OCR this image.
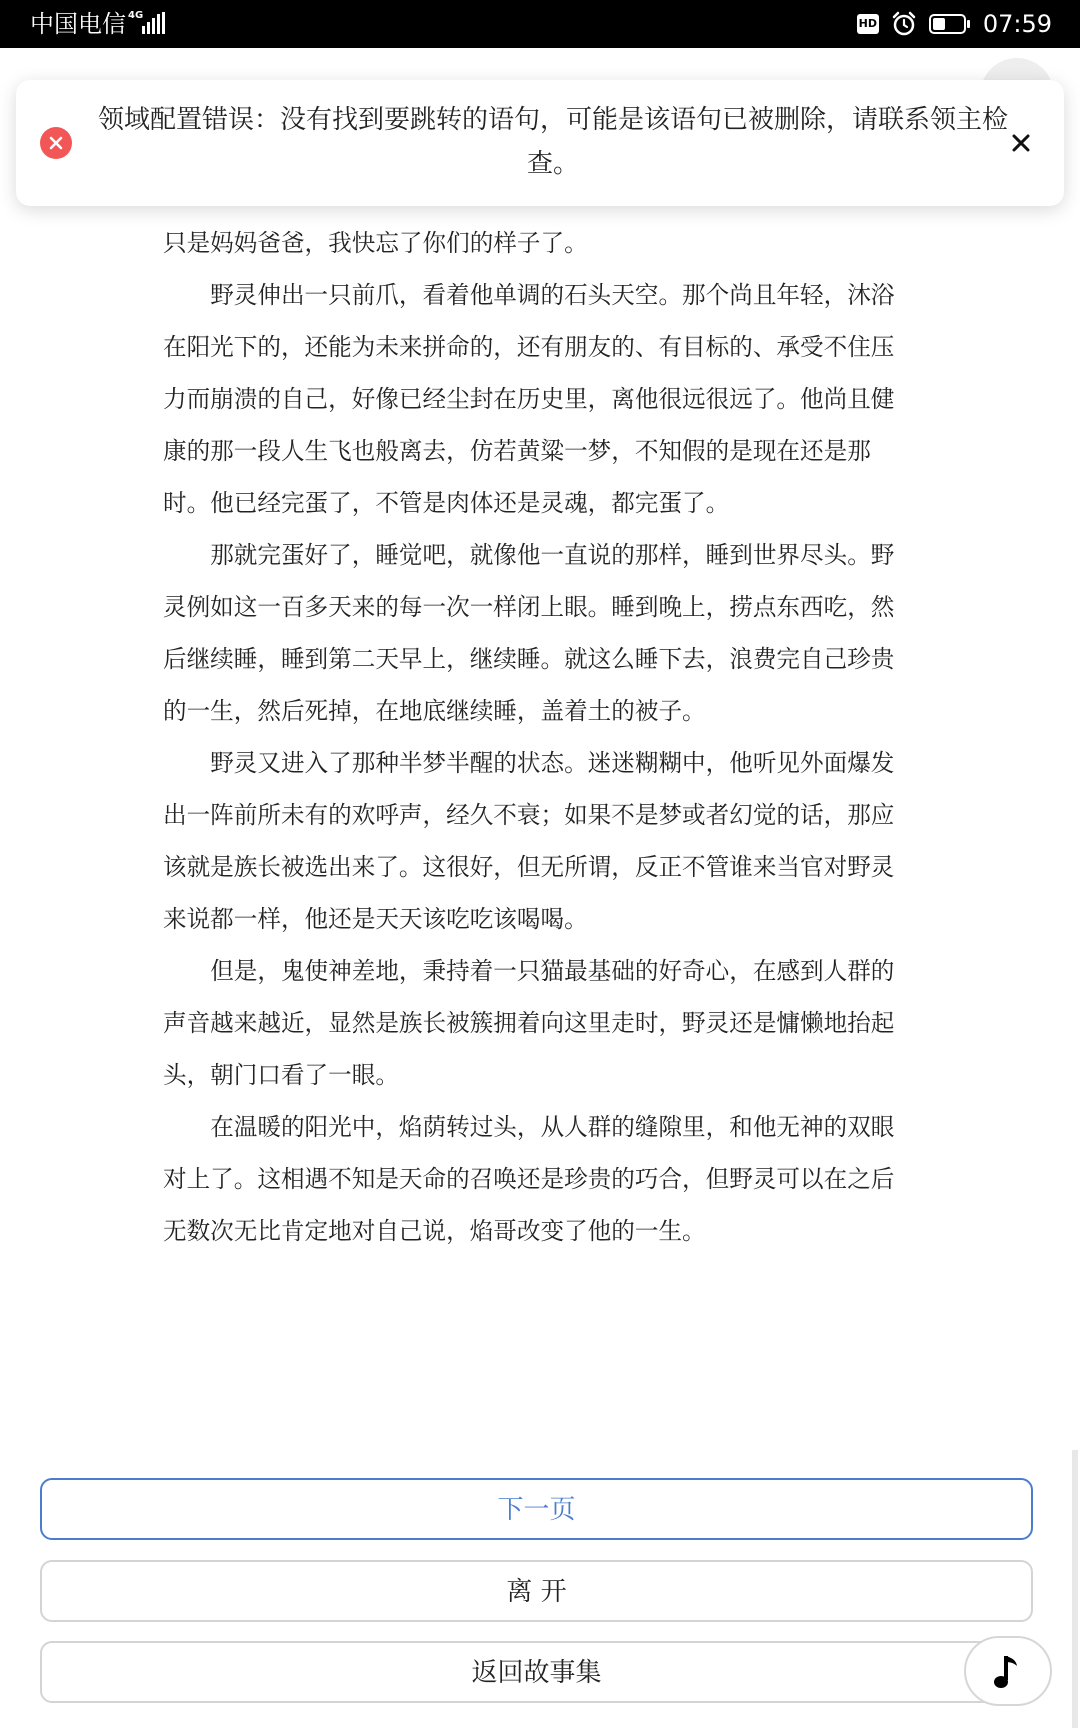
中国电信 4G
HD	07:59
领域配置错误：没有找到要跳转的语句，可能是该语句已被删除，请联系领主检查。

只是妈妈爸爸，我快忘了你们的样子了。

野灵伸出一只前爪，看着他单调的石头天空。那个尚且年轻，沐浴在阳光下的，还能为未来拼命的，还有朋友的、有目标的、承受不住压力而崩溃的自己，好像已经尘封在历史里，离他很远很远了。他尚且健康的那一段人生飞也般离去，仿若黄粱一梦，不知假的是现在还是那时。他已经完蛋了，不管是肉体还是灵魂，都完蛋了。

那就完蛋好了，睡觉吧，就像他一直说的那样，睡到世界尽头。野灵例如这一百多天来的每一次一样闭上眼。睡到晚上，捞点东西吃，然后继续睡，睡到第二天早上，继续睡。就这么睡下去，浪费完自己珍贵的一生，然后死掉，在地底继续睡，盖着土的被子。

野灵又进入了那种半梦半醒的状态。迷迷糊糊中，他听见外面爆发出一阵前所未有的欢呼声，经久不衰；如果不是梦或者幻觉的话，那应该就是族长被选出来了。这很好，但无所谓，反正不管谁来当官对野灵来说都一样，他还是天天该吃吃该喝喝。

但是，鬼使神差地，秉持着一只猫最基础的好奇心，在感到人群的声音越来越近，显然是族长被簇拥着向这里走时，野灵还是慵懒地抬起头，朝门口看了一眼。

在温暖的阳光中，焰荫转过头，从人群的缝隙里，和他无神的双眼对上了。这相遇不知是天命的召唤还是珍贵的巧合，但野灵可以在之后无数次无比肯定地对自己说，焰哥改变了他的一生。

下一页
离 开
返回故事集
